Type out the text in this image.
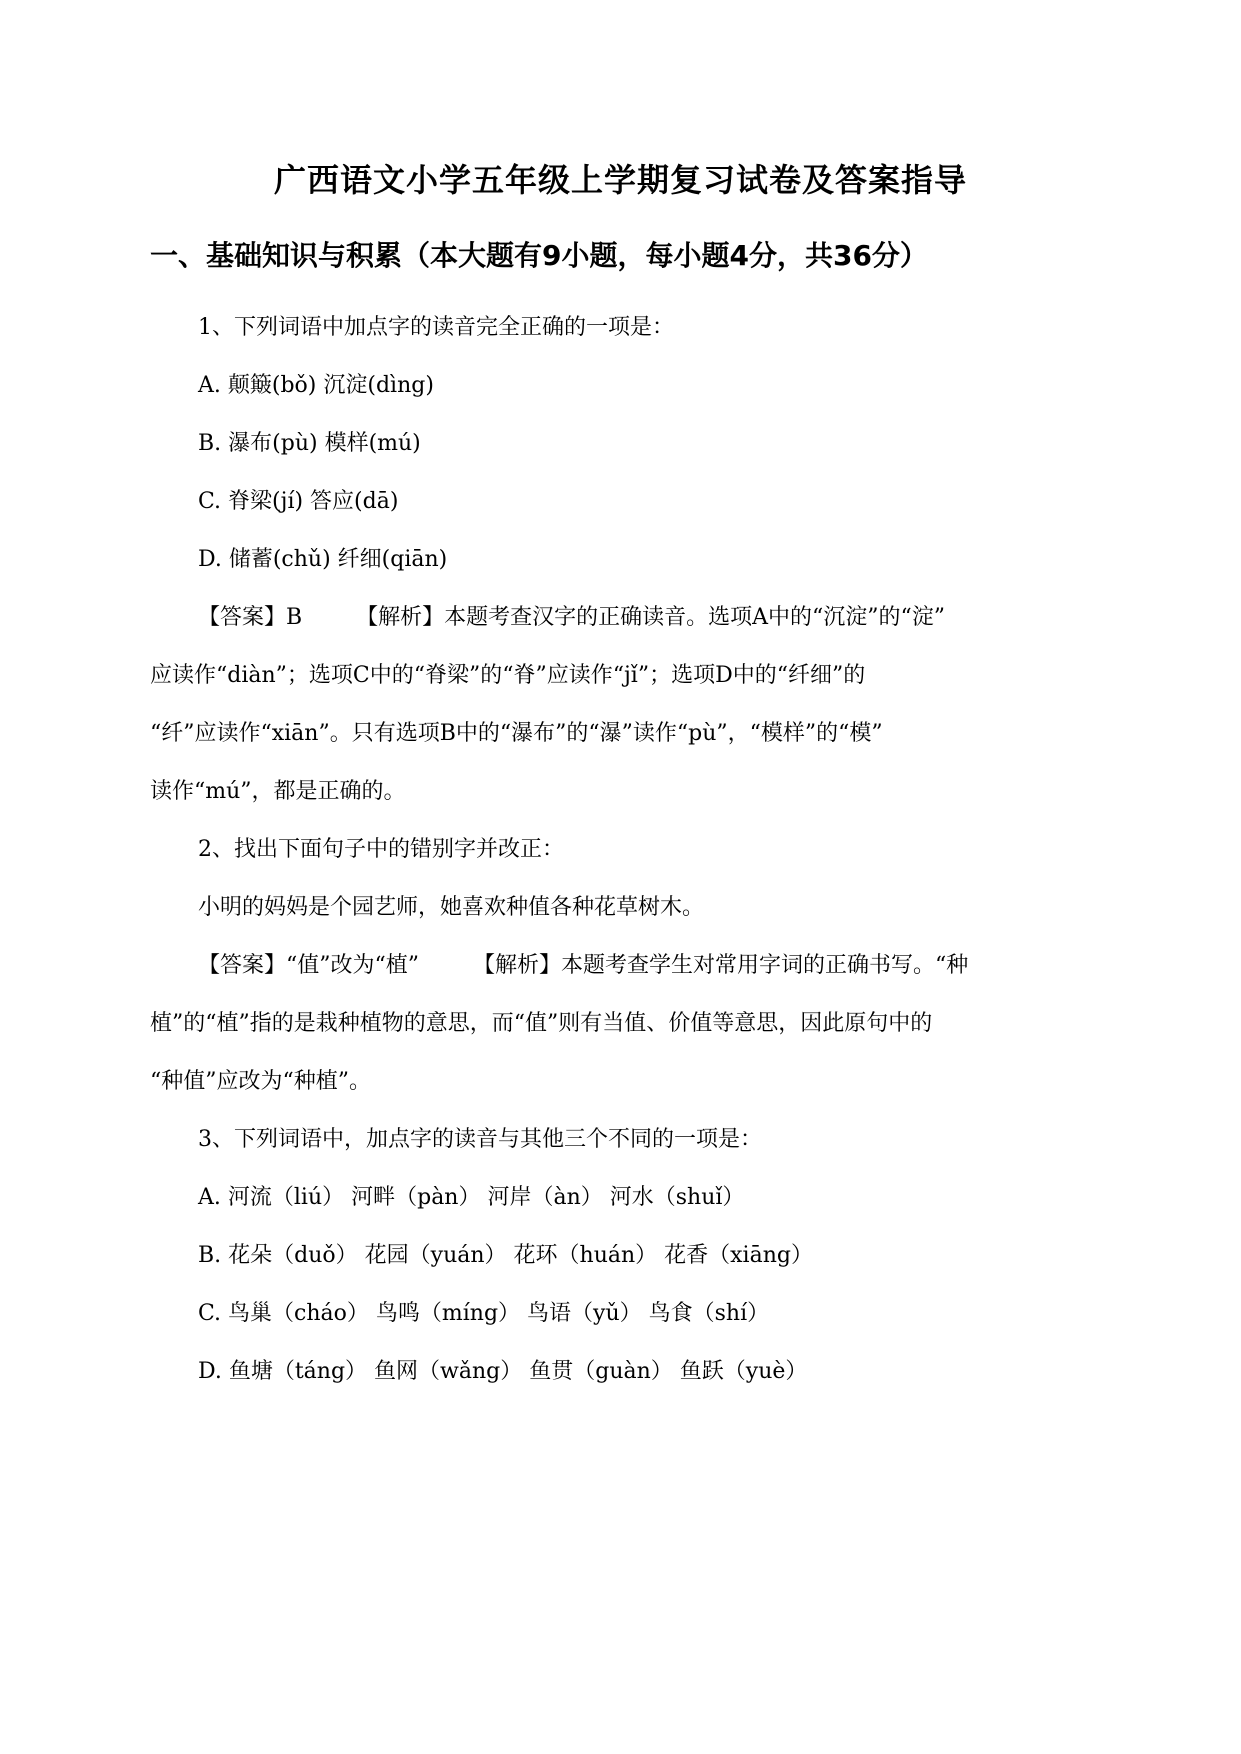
广西语文小学五年级上学期复习试卷及答案指导
一、基础知识与积累（本大题有9小题，每小题4分，共36分）
1、下列词语中加点字的读音完全正确的一项是：
A. 颠簸(bǒ) 沉淀(dìng)
B. 瀑布(pù) 模样(mú)
C. 脊梁(jí) 答应(dā)
D. 储蓄(chǔ) 纤细(qiān)
【答案】B 【解析】本题考查汉字的正确读音。选项A中的“沉淀”的“淀”
应读作“diàn”；选项C中的“脊梁”的“脊”应读作“jǐ”；选项D中的“纤细”的
“纤”应读作“xiān”。只有选项B中的“瀑布”的“瀑”读作“pù”，“模样”的“模”
读作“mú”，都是正确的。
2、找出下面句子中的错别字并改正：
小明的妈妈是个园艺师，她喜欢种值各种花草树木。
【答案】“值”改为“植” 【解析】本题考查学生对常用字词的正确书写。“种
植”的“植”指的是栽种植物的意思，而“值”则有当值、价值等意思，因此原句中的
“种值”应改为“种植”。
3、下列词语中，加点字的读音与其他三个不同的一项是：
A. 河流（liú） 河畔（pàn） 河岸（àn） 河水（shuǐ）
B. 花朵（duǒ） 花园（yuán） 花环（huán） 花香（xiāng）
C. 鸟巢（cháo） 鸟鸣（míng） 鸟语（yǔ） 鸟食（shí）
D. 鱼塘（táng） 鱼网（wǎng） 鱼贯（guàn） 鱼跃（yuè）
